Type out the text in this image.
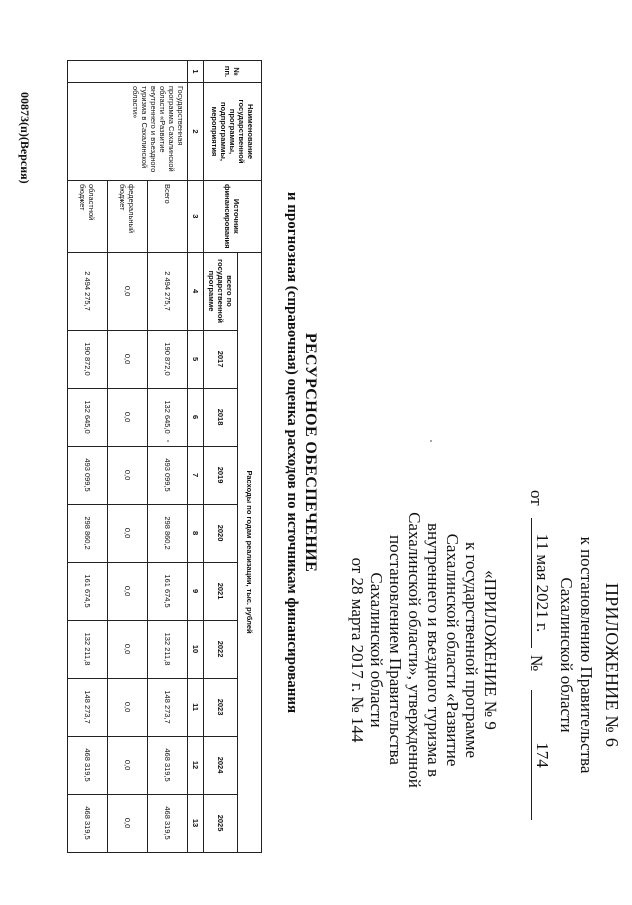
ПРИЛОЖЕНИЕ № 6
к постановлению Правительства
Сахалинской области
от
11 мая 2021 г.
№
174
«ПРИЛОЖЕНИЕ № 9
к государственной программе
Сахалинской области «Развитие
внутреннего и въездного туризма в
Сахалинской области», утвержденной
постановлением Правительства
Сахалинской области
от 28 марта 2017 г. № 144
РЕСУРСНОЕ ОБЕСПЕЧЕНИЕ
и прогнозная (справочная) оценка расходов по источникам финансирования
№ пп.	Наименование государственной программы, подпрограммы, мероприятия	Источник финансирования	Расходы по годам реализации, тыс. рублей									
			всего по государственной программе	2017	2018	2019	2020	2021	2022	2023	2024	2025
1	2	3	4	5	6	7	8	9	10	11	12	13
	Государственная программа Сахалинской области «Развитие внутреннего и въездного туризма в Сахалинской области»	Всего	2 494 275,7	190 872,0	132 645,0	493 099,5	298 860,2	161 674,5	132 211,8	148 273,7	468 319,5	468 319,5
		федеральный бюджет	0,0	0,0	0,0	0,0	0,0	0,0	0,0	0,0	0,0	0,0
		областной бюджет	2 494 275,7	190 872,0	132 645,0	493 099,5	298 860,2	161 674,5	132 211,8	148 273,7	468 319,5	468 319,5
00873(п)(Версия)
